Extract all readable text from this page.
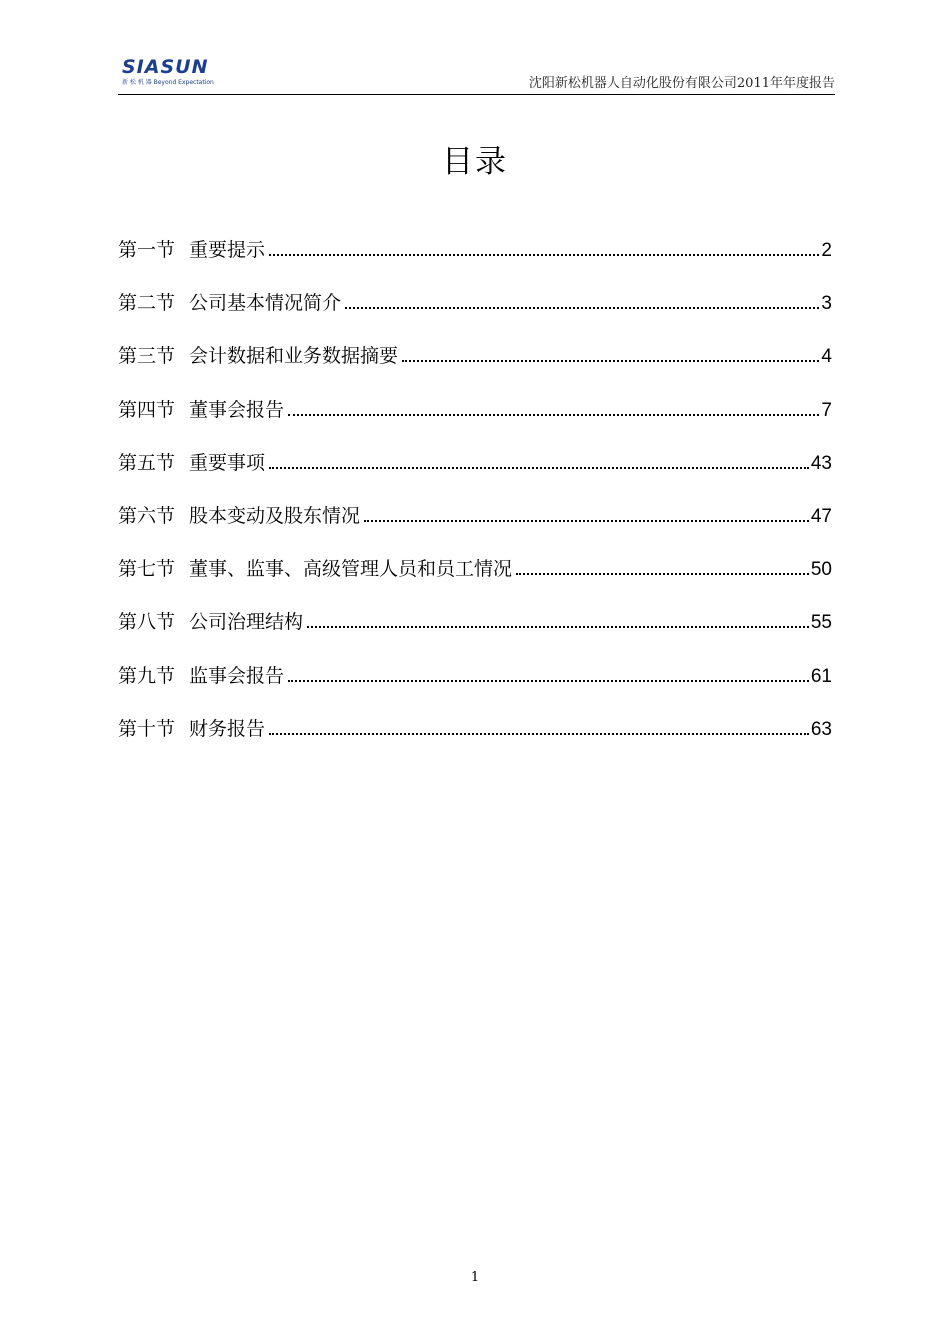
SIASUN
新 松 机 器 Beyond Expectation	沈阳新松机器人自动化股份有限公司2011年年度报告
目录
第一节 重要提示	2
第二节 公司基本情况简介	3
第三节 会计数据和业务数据摘要	4
第四节 董事会报告	7
第五节 重要事项	43
第六节 股本变动及股东情况	47
第七节 董事、监事、高级管理人员和员工情况	50
第八节 公司治理结构	55
第九节 监事会报告	61
第十节 财务报告	63
1
